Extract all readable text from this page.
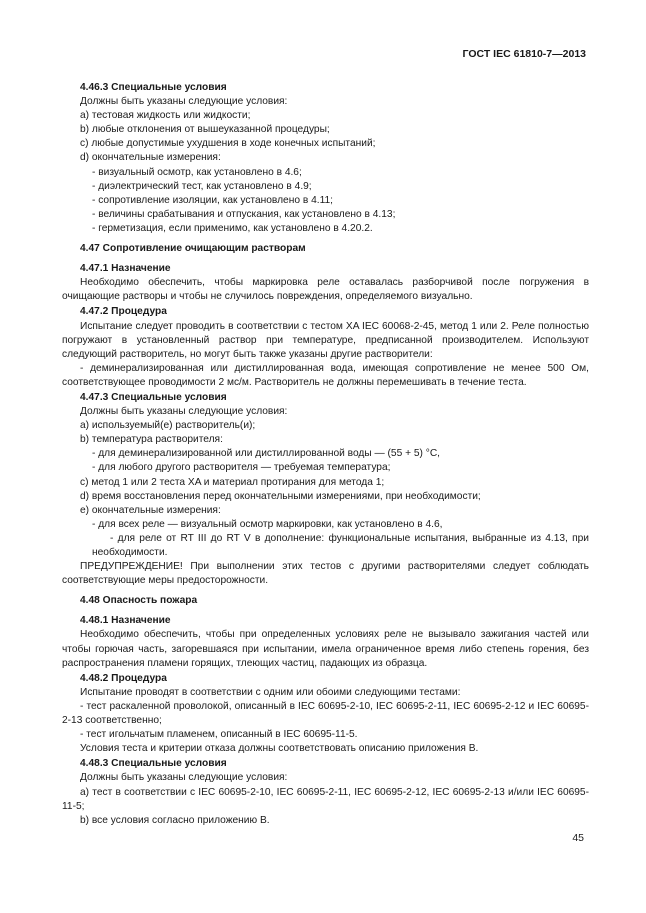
ГОСТ IEC 61810-7—2013

4.46.3 Специальные условия

Должны быть указаны следующие условия:

a) тестовая жидкость или жидкости;

b) любые отклонения от вышеуказанной процедуры;

c) любые допустимые ухудшения в ходе конечных испытаний;

d) окончательные измерения:

- визуальный осмотр, как установлено в 4.6;

- диэлектрический тест, как установлено в 4.9;

- сопротивление изоляции, как установлено в 4.11;

- величины срабатывания и отпускания, как установлено в 4.13;

- герметизация, если применимо, как установлено в 4.20.2.

4.47 Сопротивление очищающим растворам

4.47.1 Назначение

Необходимо обеспечить, чтобы маркировка реле оставалась разборчивой после погружения в очищающие растворы и чтобы не случилось повреждения, определяемого визуально.

4.47.2 Процедура

Испытание следует проводить в соответствии с тестом XA IEC 60068-2-45, метод 1 или 2. Реле полностью погружают в установленный раствор при температуре, предписанной производителем. Используют следующий растворитель, но могут быть также указаны другие растворители:

- деминерализированная или дистиллированная вода, имеющая сопротивление не менее 500 Ом, соответствующее проводимости 2 мс/м. Растворитель не должны перемешивать в течение теста.

4.47.3 Специальные условия

Должны быть указаны следующие условия:

a) используемый(е) растворитель(и);

b) температура растворителя:

- для деминерализированной или дистиллированной воды — (55 + 5) °С,

- для любого другого растворителя — требуемая температура;

c) метод 1 или 2 теста XA и материал протирания для метода 1;

d) время восстановления перед окончательными измерениями, при необходимости;

e) окончательные измерения:

- для всех реле — визуальный осмотр маркировки, как установлено в 4.6,

- для реле от RT III до RT V в дополнение: функциональные испытания, выбранные из 4.13, при необходимости.

ПРЕДУПРЕЖДЕНИЕ! При выполнении этих тестов с другими растворителями следует соблюдать соответствующие меры предосторожности.

4.48 Опасность пожара

4.48.1 Назначение

Необходимо обеспечить, чтобы при определенных условиях реле не вызывало зажигания частей или чтобы горючая часть, загоревшаяся при испытании, имела ограниченное время либо степень горения, без распространения пламени горящих, тлеющих частиц, падающих из образца.

4.48.2 Процедура

Испытание проводят в соответствии с одним или обоими следующими тестами:

- тест раскаленной проволокой, описанный в IEC 60695-2-10, IEC 60695-2-11, IEC 60695-2-12 и IEC 60695-2-13 соответственно;

- тест игольчатым пламенем, описанный в IEC 60695-11-5.

Условия теста и критерии отказа должны соответствовать описанию приложения В.

4.48.3 Специальные условия

Должны быть указаны следующие условия:

a) тест в соответствии с IEC 60695-2-10, IEC 60695-2-11, IEC 60695-2-12, IEC 60695-2-13 и/или IEC 60695-11-5;

b) все условия согласно приложению В.

45
